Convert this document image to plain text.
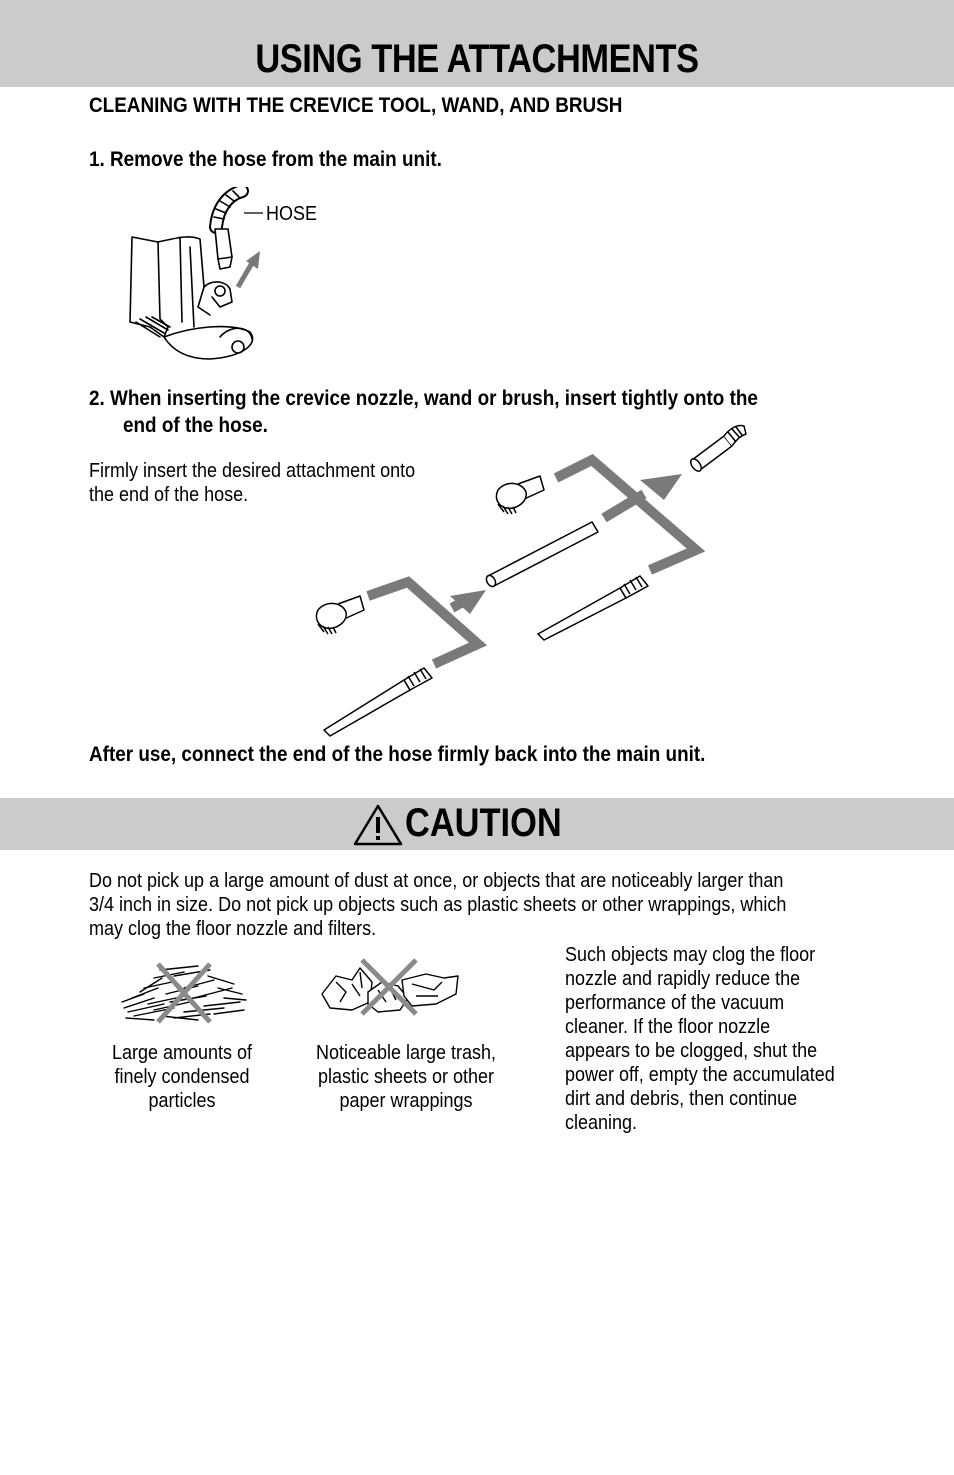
USING THE ATTACHMENTS
CLEANING WITH THE CREVICE TOOL, WAND, AND BRUSH
1. Remove the hose from the main unit.
HOSE
2. When inserting the crevice nozzle, wand or brush, insert tightly onto the
end of the hose.
Firmly insert the desired attachment onto
the end of the hose.
After use, connect the end of the hose firmly back into the main unit.
CAUTION
Do not pick up a large amount of dust at once, or objects that are noticeably larger than
3/4 inch in size. Do not pick up objects such as plastic sheets or other wrappings, which
may clog the floor nozzle and filters.
Large amounts of
finely condensed
particles
Noticeable large trash,
plastic sheets or other
paper wrappings
Such objects may clog the floor
nozzle and rapidly reduce the
performance of the vacuum
cleaner. If the floor nozzle
appears to be clogged, shut the
power off, empty the accumulated
dirt and debris, then continue
cleaning.
